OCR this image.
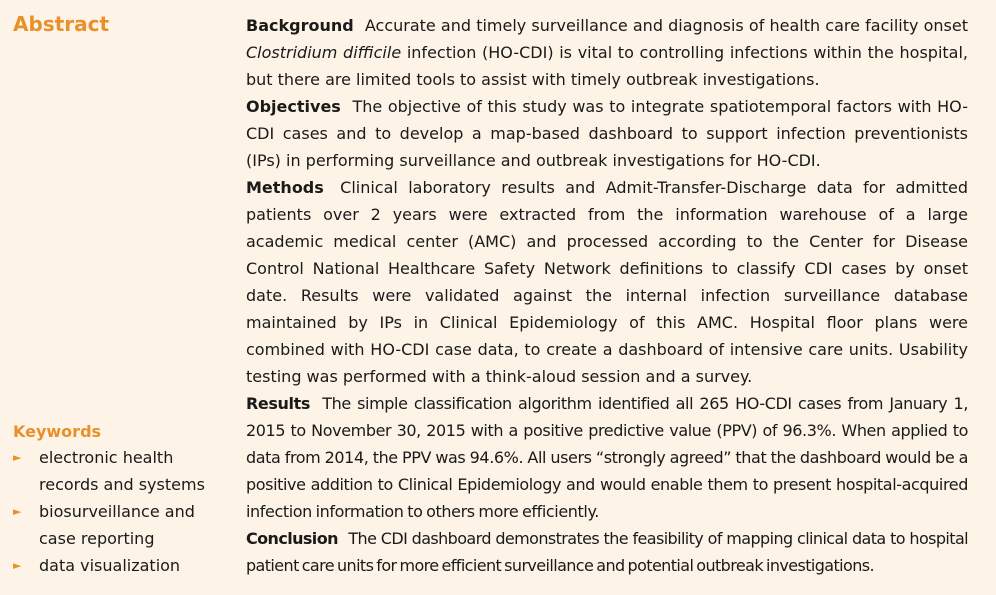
Abstract
Keywords
► electronic health records and systems
► biosurveillance and case reporting
► data visualization

Background Accurate and timely surveillance and diagnosis of health care facility onset Clostridium difficile infection (HO-CDI) is vital to controlling infections within the hospital, but there are limited tools to assist with timely outbreak investigations.

Objectives The objective of this study was to integrate spatiotemporal factors with HO-CDI cases and to develop a map-based dashboard to support infection preventionists (IPs) in performing surveillance and outbreak investigations for HO-CDI.

Methods Clinical laboratory results and Admit-Transfer-Discharge data for admitted patients over 2 years were extracted from the information warehouse of a large academic medical center (AMC) and processed according to the Center for Disease Control National Healthcare Safety Network definitions to classify CDI cases by onset date. Results were validated against the internal infection surveillance database maintained by IPs in Clinical Epidemiology of this AMC. Hospital floor plans were combined with HO-CDI case data, to create a dashboard of intensive care units. Usability testing was performed with a think-aloud session and a survey.

Results The simple classification algorithm identified all 265 HO-CDI cases from January 1, 2015 to November 30, 2015 with a positive predictive value (PPV) of 96.3%. When applied to data from 2014, the PPV was 94.6%. All users “strongly agreed” that the dashboard would be a positive addition to Clinical Epidemiology and would enable them to present hospital-acquired infection information to others more efficiently.

Conclusion The CDI dashboard demonstrates the feasibility of mapping clinical data to hospital patient care units for more efficient surveillance and potential outbreak investigations.
